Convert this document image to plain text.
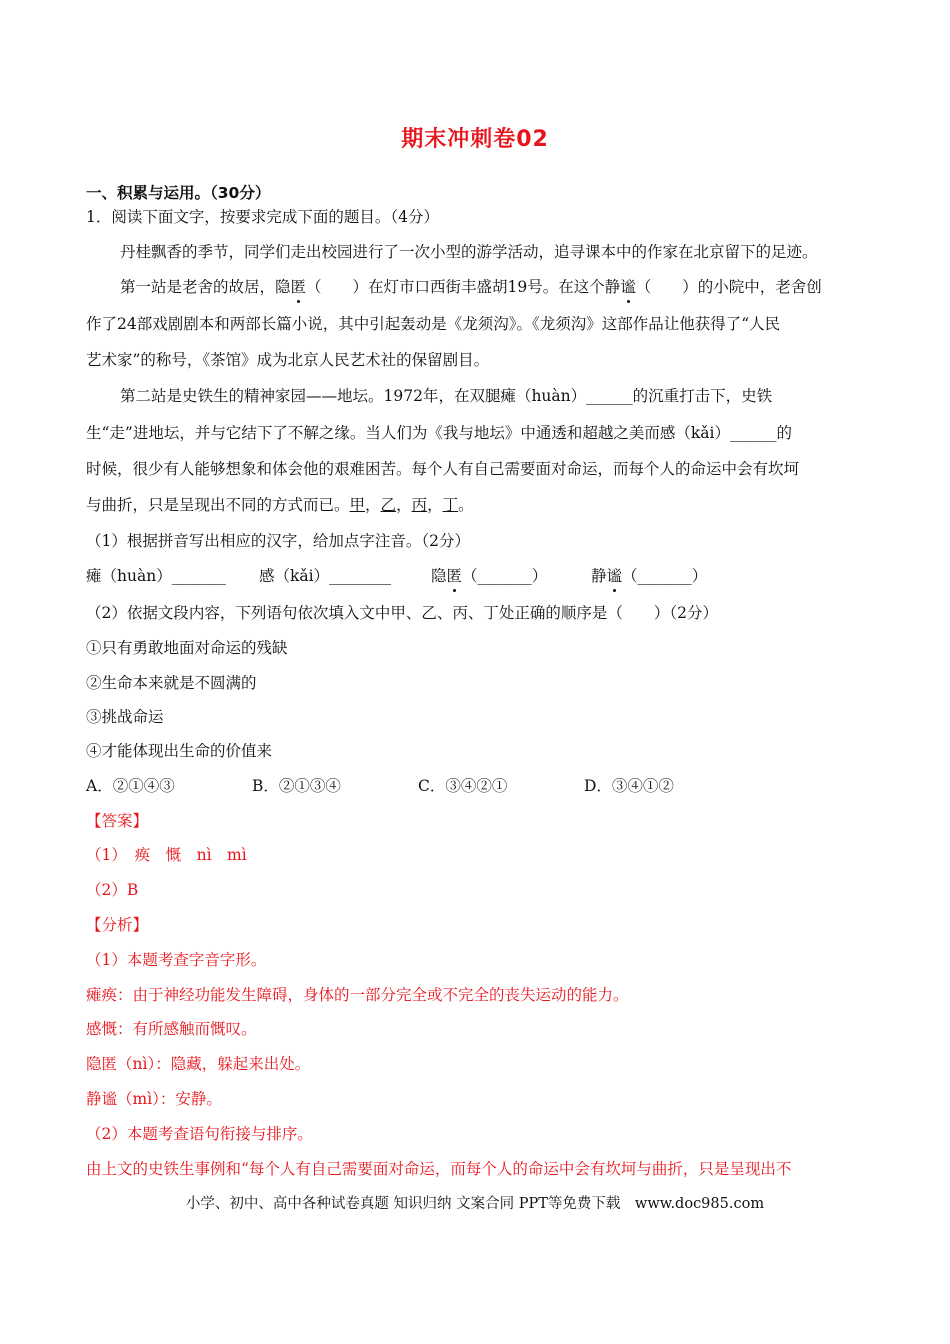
期末冲刺卷02
一、积累与运用。（30分）
1．阅读下面文字，按要求完成下面的题目。（4分）
丹桂飘香的季节，同学们走出校园进行了一次小型的游学活动，追寻课本中的作家在北京留下的足迹。
第一站是老舍的故居，隐匿（　　）在灯市口西街丰盛胡19号。在这个静谧（　　）的小院中，老舍创
作了24部戏剧剧本和两部长篇小说，其中引起轰动是《龙须沟》。《龙须沟》这部作品让他获得了“人民
艺术家”的称号，《茶馆》成为北京人民艺术社的保留剧目。
第二站是史铁生的精神家园——地坛。1972年，在双腿瘫（huàn）______的沉重打击下，史铁
生“走”进地坛，并与它结下了不解之缘。当人们为《我与地坛》中通透和超越之美而感（kǎi）______的
时候，很少有人能够想象和体会他的艰难困苦。每个人有自己需要面对命运，而每个人的命运中会有坎坷
与曲折，只是呈现出不同的方式而已。甲，乙，丙，丁。
（1）根据拼音写出相应的汉字，给加点字注音。（2分）
瘫（huàn）_______ 感（kǎi）________	隐匿（_______）	静谧（_______）
（2）依据文段内容，下列语句依次填入文中甲、乙、丙、丁处正确的顺序是（　　）（2分）
①只有勇敢地面对命运的残缺
②生命本来就是不圆满的
③挑战命运
④才能体现出生命的价值来
A．②①④③	B．②①③④	C．③④②①	D．③④①②
【答案】
（1）　痪　慨　nì　mì
（2）B
【分析】
（1）本题考查字音字形。
瘫痪：由于神经功能发生障碍，身体的一部分完全或不完全的丧失运动的能力。
感慨：有所感触而慨叹。
隐匿（nì）：隐藏，躲起来出处。
静谧（mì）：安静。
（2）本题考查语句衔接与排序。
由上文的史铁生事例和“每个人有自己需要面对命运，而每个人的命运中会有坎坷与曲折，只是呈现出不
小学、初中、高中各种试卷真题 知识归纳 文案合同 PPT等免费下载　www.doc985.com
